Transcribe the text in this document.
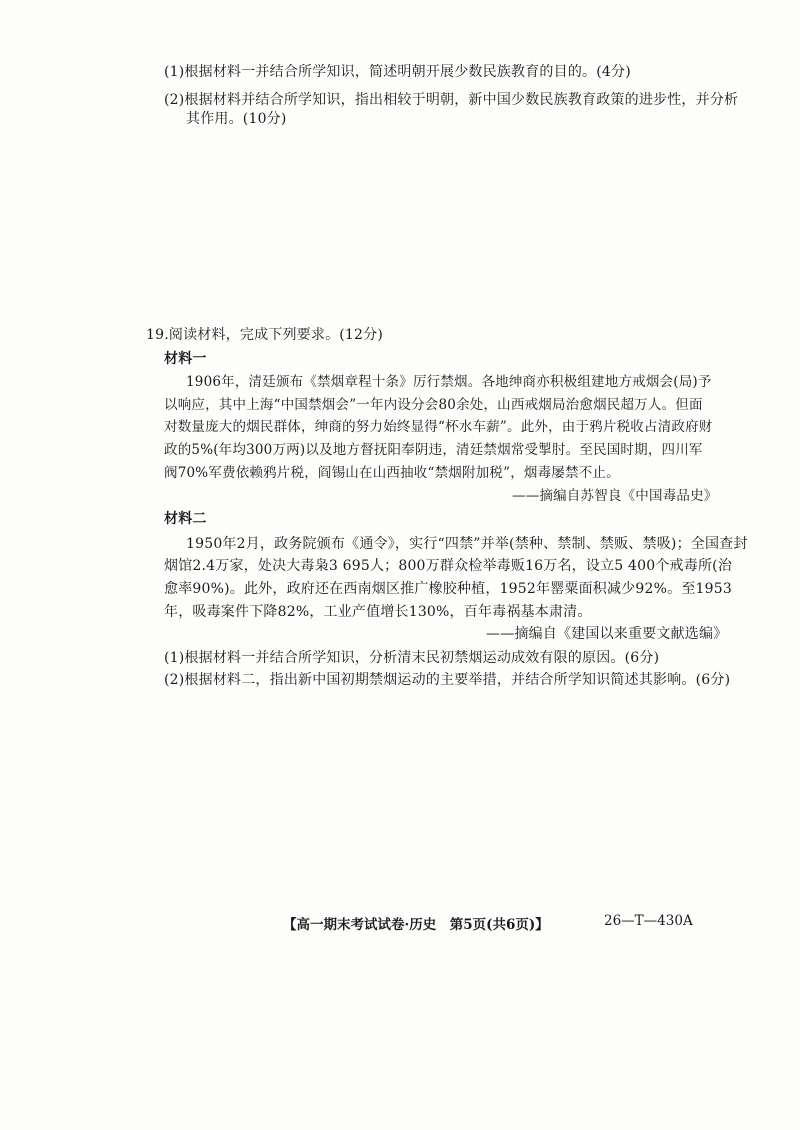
(1)根据材料一并结合所学知识，简述明朝开展少数民族教育的目的。(4分)
(2)根据材料并结合所学知识，指出相较于明朝，新中国少数民族教育政策的进步性，并分析
其作用。(10分)
19.阅读材料，完成下列要求。(12分)
材料一
1906年，清廷颁布《禁烟章程十条》厉行禁烟。各地绅商亦积极组建地方戒烟会(局)予
以响应，其中上海“中国禁烟会”一年内设分会80余处，山西戒烟局治愈烟民超万人。但面
对数量庞大的烟民群体，绅商的努力始终显得“杯水车薪”。此外，由于鸦片税收占清政府财
政的5%(年均300万两)以及地方督抚阳奉阴违，清廷禁烟常受掣肘。至民国时期，四川军
阀70%军费依赖鸦片税，阎锡山在山西抽收“禁烟附加税”，烟毒屡禁不止。
——摘编自苏智良《中国毒品史》
材料二
1950年2月，政务院颁布《通令》，实行“四禁”并举(禁种、禁制、禁贩、禁吸)；全国查封
烟馆2.4万家，处决大毒枭3 695人；800万群众检举毒贩16万名，设立5 400个戒毒所(治
愈率90%)。此外，政府还在西南烟区推广橡胶种植，1952年罂粟面积减少92%。至1953
年，吸毒案件下降82%，工业产值增长130%，百年毒祸基本肃清。
——摘编自《建国以来重要文献选编》
(1)根据材料一并结合所学知识，分析清末民初禁烟运动成效有限的原因。(6分)
(2)根据材料二，指出新中国初期禁烟运动的主要举措，并结合所学知识简述其影响。(6分)
【高一期末考试试卷·历史　第5页(共6页)】	26—T—430A
